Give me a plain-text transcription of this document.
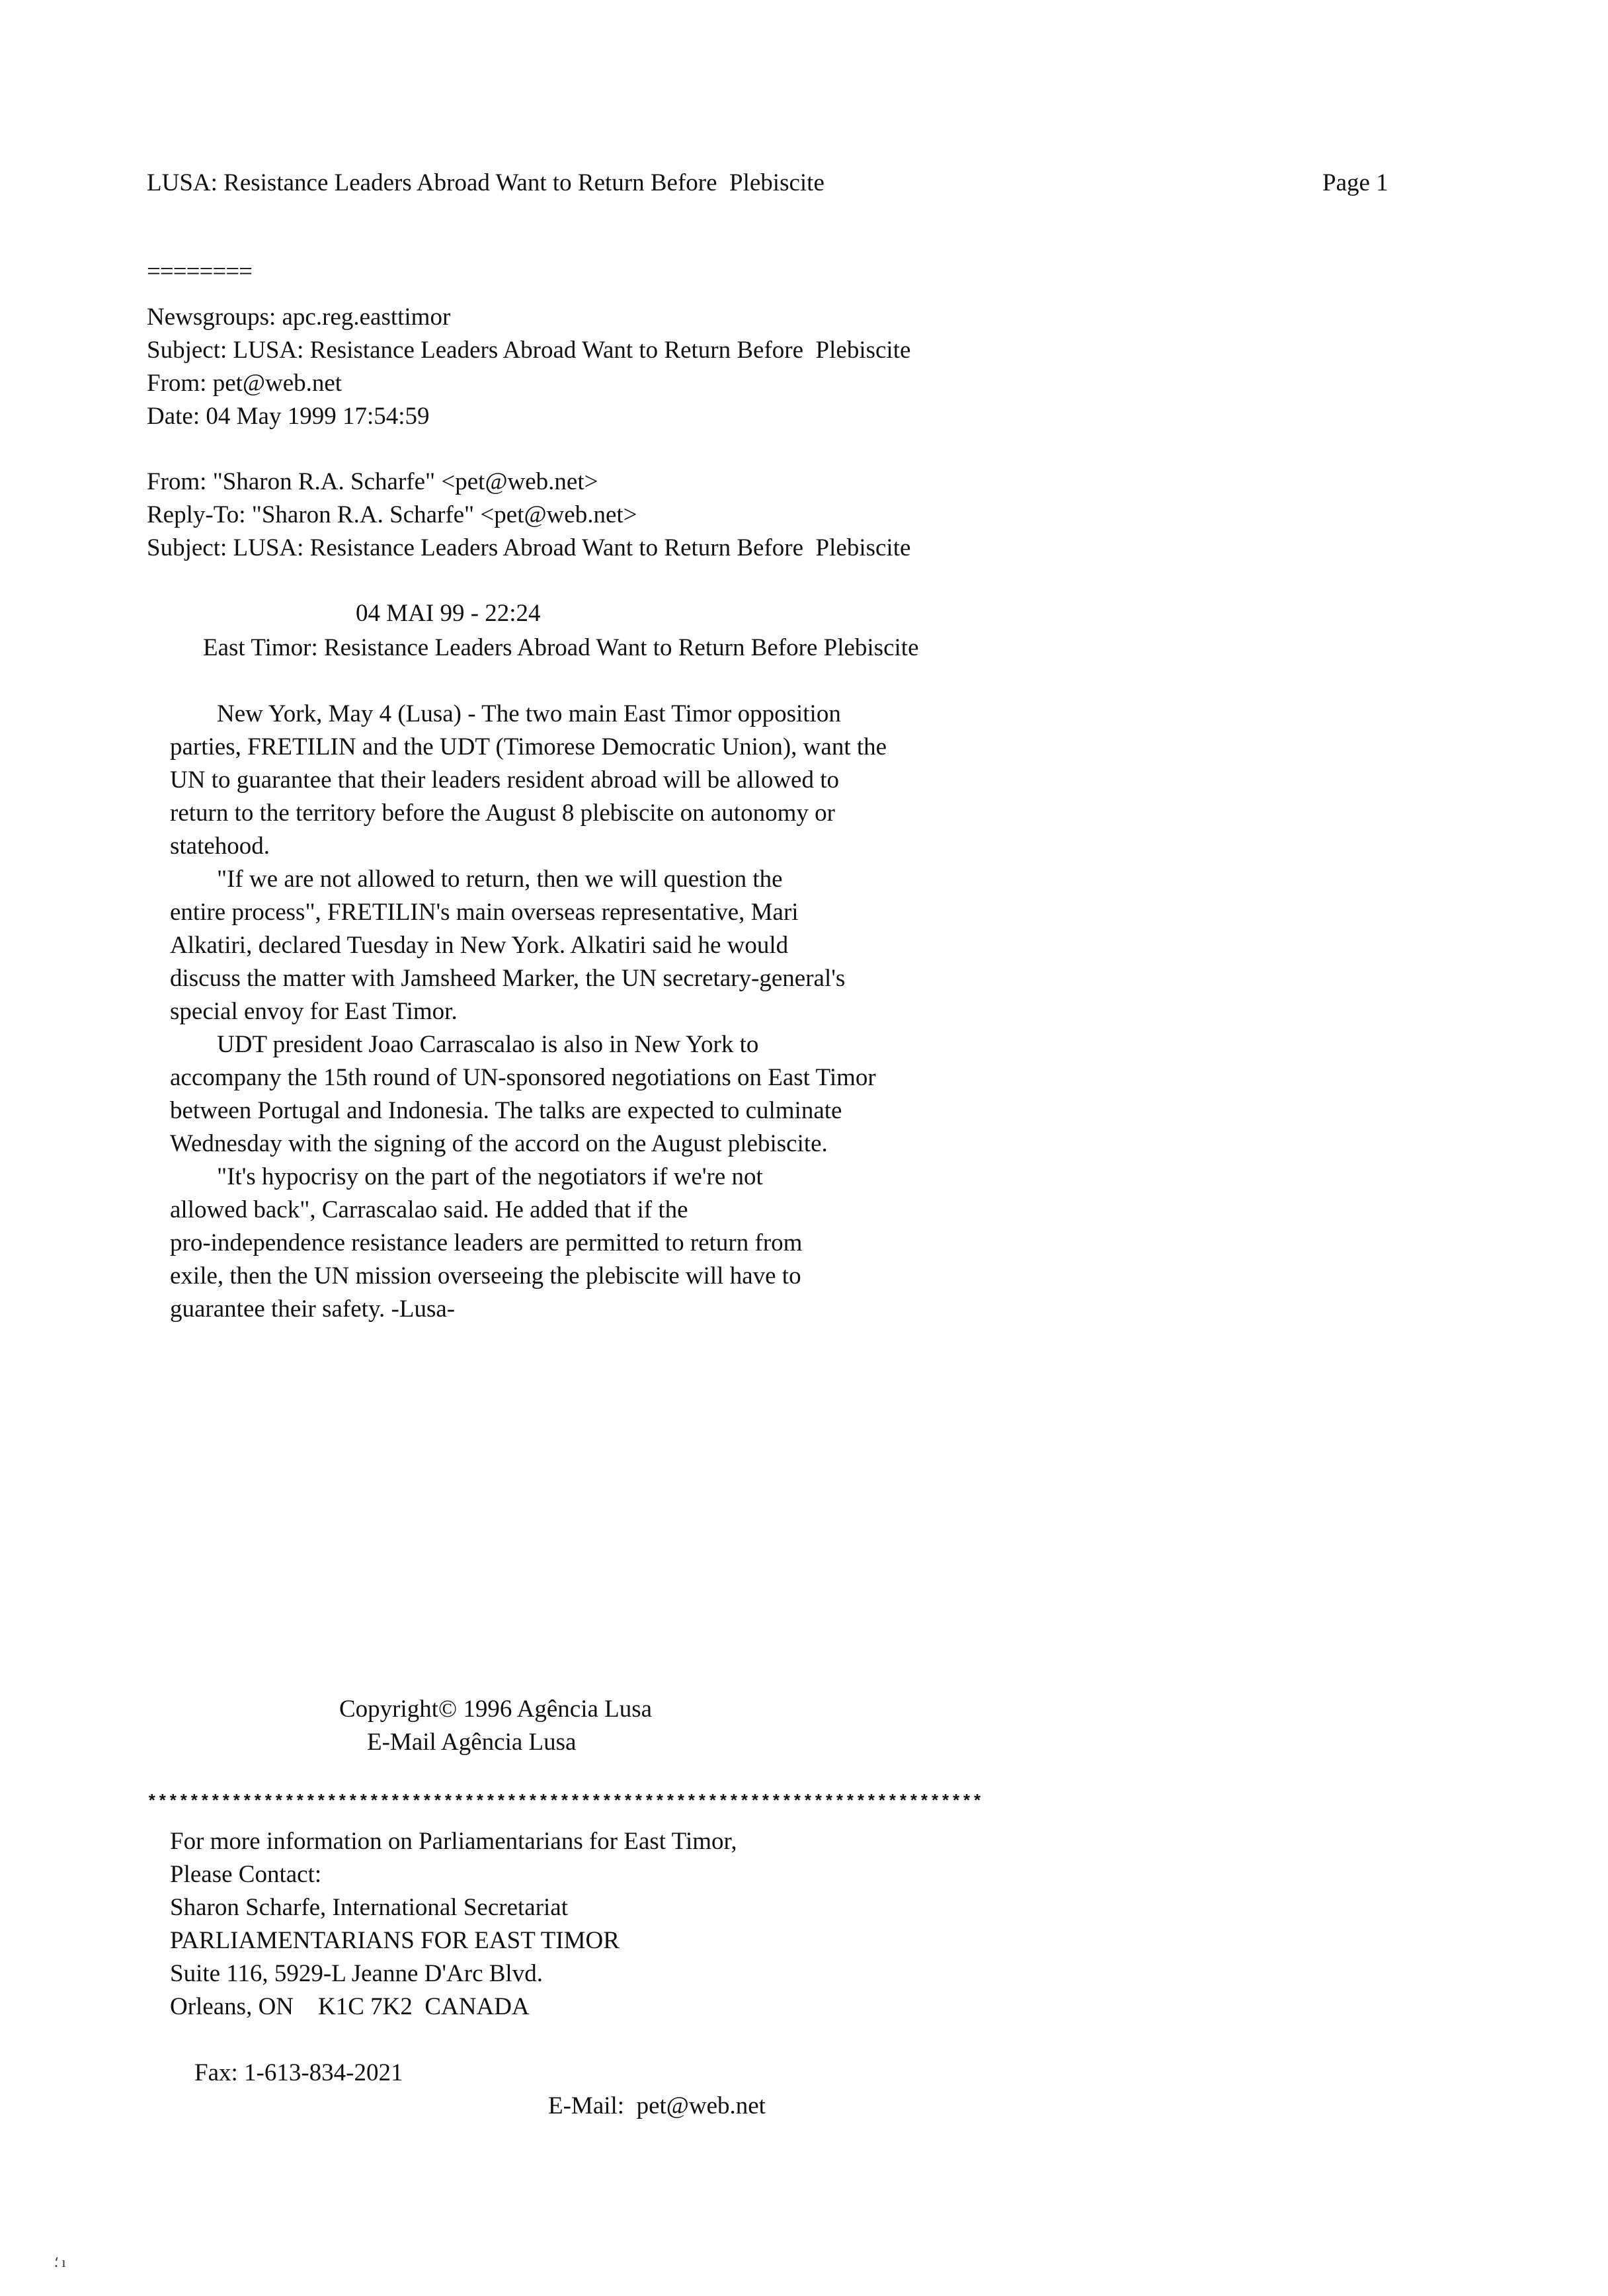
LUSA: Resistance Leaders Abroad Want to Return Before  Plebiscite	Page 1
========
Newsgroups: apc.reg.easttimor
Subject: LUSA: Resistance Leaders Abroad Want to Return Before  Plebiscite
From: pet@web.net
Date: 04 May 1999 17:54:59
From: "Sharon R.A. Scharfe" <pet@web.net>
Reply-To: "Sharon R.A. Scharfe" <pet@web.net>
Subject: LUSA: Resistance Leaders Abroad Want to Return Before  Plebiscite
04 MAI 99 - 22:24
East Timor: Resistance Leaders Abroad Want to Return Before Plebiscite
New York, May 4 (Lusa) - The two main East Timor opposition
parties, FRETILIN and the UDT (Timorese Democratic Union), want the
UN to guarantee that their leaders resident abroad will be allowed to
return to the territory before the August 8 plebiscite on autonomy or
statehood.
"If we are not allowed to return, then we will question the
entire process", FRETILIN's main overseas representative, Mari
Alkatiri, declared Tuesday in New York. Alkatiri said he would
discuss the matter with Jamsheed Marker, the UN secretary-general's
special envoy for East Timor.
UDT president Joao Carrascalao is also in New York to
accompany the 15th round of UN-sponsored negotiations on East Timor
between Portugal and Indonesia. The talks are expected to culminate
Wednesday with the signing of the accord on the August plebiscite.
"It's hypocrisy on the part of the negotiators if we're not
allowed back", Carrascalao said. He added that if the
pro-independence resistance leaders are permitted to return from
exile, then the UN mission overseeing the plebiscite will have to
guarantee their safety. -Lusa-
Copyright© 1996 Agência Lusa
E-Mail Agência Lusa
*******************************************************************************
For more information on Parliamentarians for East Timor,
Please Contact:
Sharon Scharfe, International Secretariat
PARLIAMENTARIANS FOR EAST TIMOR
Suite 116, 5929-L Jeanne D'Arc Blvd.
Orleans, ON    K1C 7K2  CANADA

Fax: 1-613-834-2021

E-Mail:  pet@web.net

⸵ ı
